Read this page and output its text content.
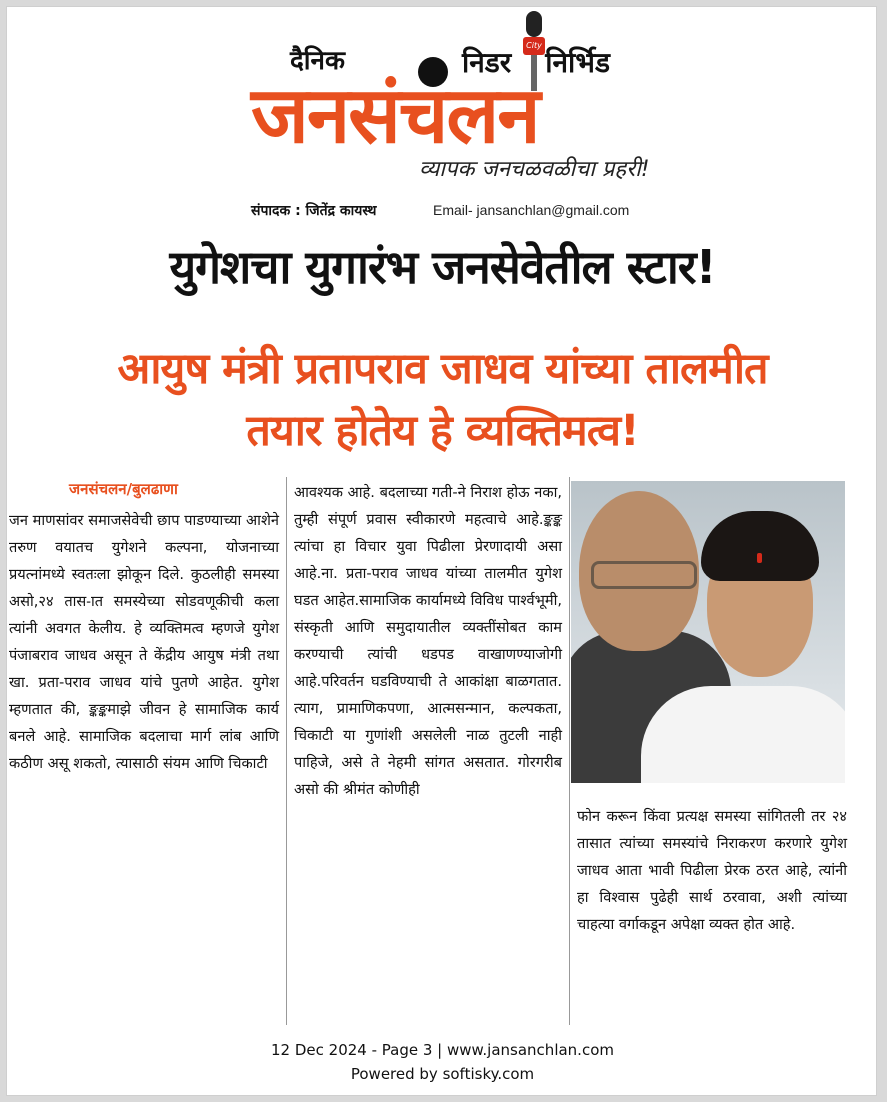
दैनिक	निडर निर्भिड
City
जनसंचलन
व्यापक जनचळवळीचा प्रहरी!
संपादक : जितेंद्र कायस्थ	Email- jansanchlan@gmail.com
युगेशचा युगारंभ जनसेवेतील स्टार!
आयुष मंत्री प्रतापराव जाधव यांच्या तालमीत
तयार होतेय हे व्यक्तिमत्व!
जनसंचलन/बुलढाणा
जन माणसांवर समाजसेवेची छाप पाडण्याच्या आशेने तरुण वयातच युगेशने कल्पना, योजनाच्या प्रयत्नांमध्ये स्वतःला झोकून दिले. कुठलीही समस्या असो,२४ तास-ात समस्येच्या सोडवणूकीची कला त्यांनी अवगत केलीय. हे व्यक्तिमत्व म्हणजे युगेश पंजाबराव जाधव असून ते केंद्रीय आयुष मंत्री तथा खा. प्रता-पराव जाधव यांचे पुतणे आहेत. युगेश म्हणतात की, ङ्कङ्कमाझे जीवन हे सामाजिक कार्य बनले आहे. सामाजिक बदलाचा मार्ग लांब आणि कठीण असू शकतो, त्यासाठी संयम आणि चिकाटी
आवश्यक आहे. बदलाच्या गती-ने निराश होऊ नका, तुम्ही संपूर्ण प्रवास स्वीकारणे महत्वाचे आहे.ङ्कङ्क त्यांचा हा विचार युवा पिढीला प्रेरणादायी असा आहे.ना. प्रता-पराव जाधव यांच्या तालमीत युगेश घडत आहेत.सामाजिक कार्यामध्ये विविध पार्श्वभूमी, संस्कृती आणि समुदायातील व्यक्तींसोबत काम करण्याची त्यांची धडपड वाखाणण्याजोगी आहे.परिवर्तन घडविण्याची ते आकांक्षा बाळगतात. त्याग, प्रामाणिकपणा, आत्मसन्मान, कल्पकता, चिकाटी या गुणांशी असलेली नाळ तुटली नाही पाहिजे, असे ते नेहमी सांगत असतात. गोरगरीब असो की श्रीमंत कोणीही
फोन करून किंवा प्रत्यक्ष समस्या सांगितली तर २४ तासात त्यांच्या समस्यांचे निराकरण करणारे युगेश जाधव आता भावी पिढीला प्रेरक ठरत आहे, त्यांनी हा विश्वास पुढेही सार्थ ठरवावा, अशी त्यांच्या चाहत्या वर्गाकडून अपेक्षा व्यक्त होत आहे.
12 Dec 2024 - Page 3 | www.jansanchlan.com
Powered by softisky.com
